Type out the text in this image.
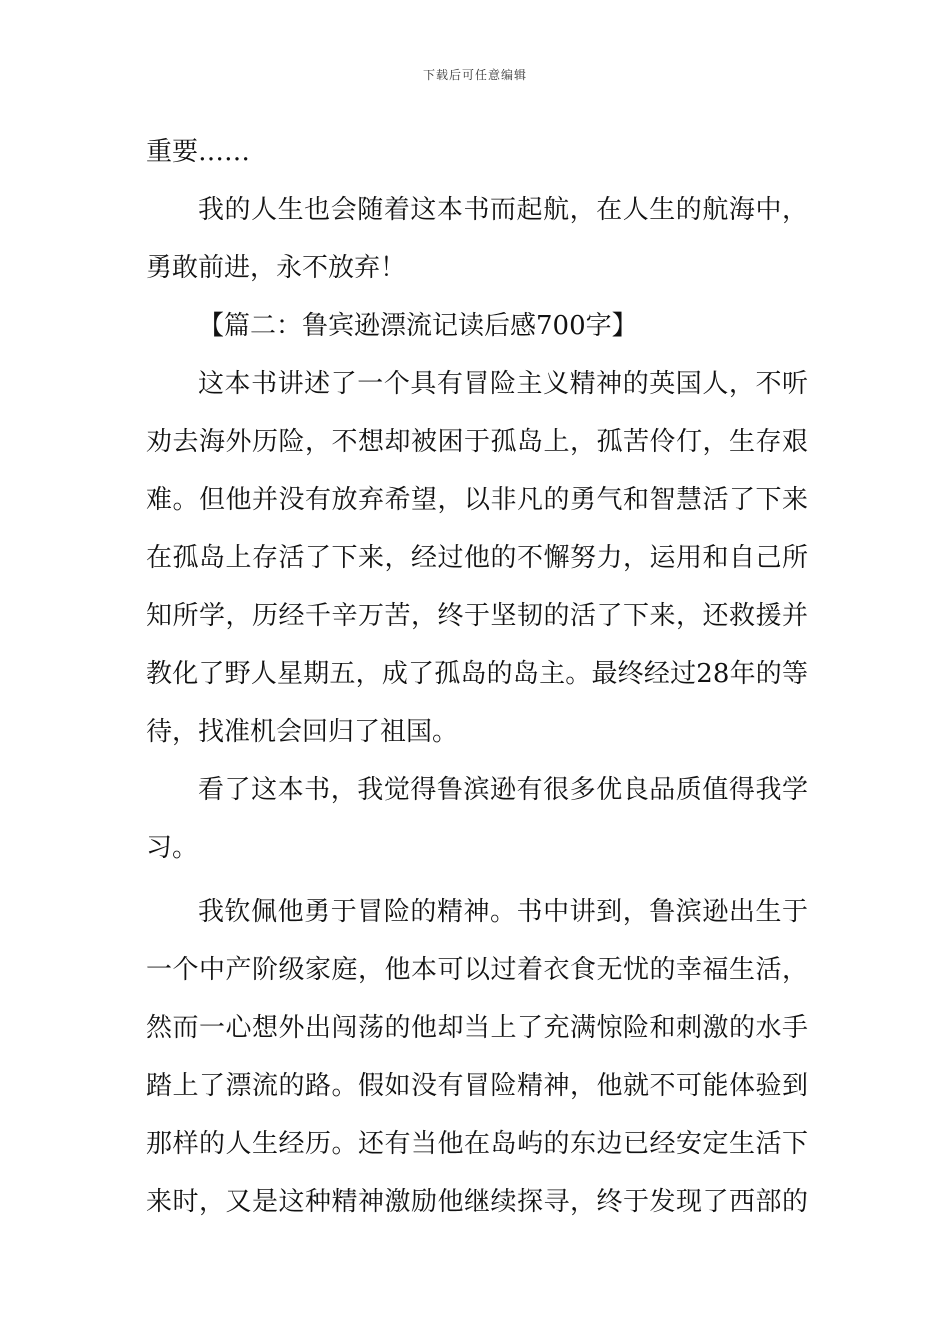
下载后可任意编辑
重要……
我的人生也会随着这本书而起航，在人生的航海中，
勇敢前进，永不放弃！
【篇二：鲁宾逊漂流记读后感700字】
这本书讲述了一个具有冒险主义精神的英国人，不听
劝去海外历险，不想却被困于孤岛上，孤苦伶仃，生存艰
难。但他并没有放弃希望，以非凡的勇气和智慧活了下来
在孤岛上存活了下来，经过他的不懈努力，运用和自己所
知所学，历经千辛万苦，终于坚韧的活了下来，还救援并
教化了野人星期五，成了孤岛的岛主。最终经过28年的等
待，找准机会回归了祖国。
看了这本书，我觉得鲁滨逊有很多优良品质值得我学
习。
我钦佩他勇于冒险的精神。书中讲到，鲁滨逊出生于
一个中产阶级家庭，他本可以过着衣食无忧的幸福生活，
然而一心想外出闯荡的他却当上了充满惊险和刺激的水手
踏上了漂流的路。假如没有冒险精神，他就不可能体验到
那样的人生经历。还有当他在岛屿的东边已经安定生活下
来时，又是这种精神激励他继续探寻，终于发现了西部的
